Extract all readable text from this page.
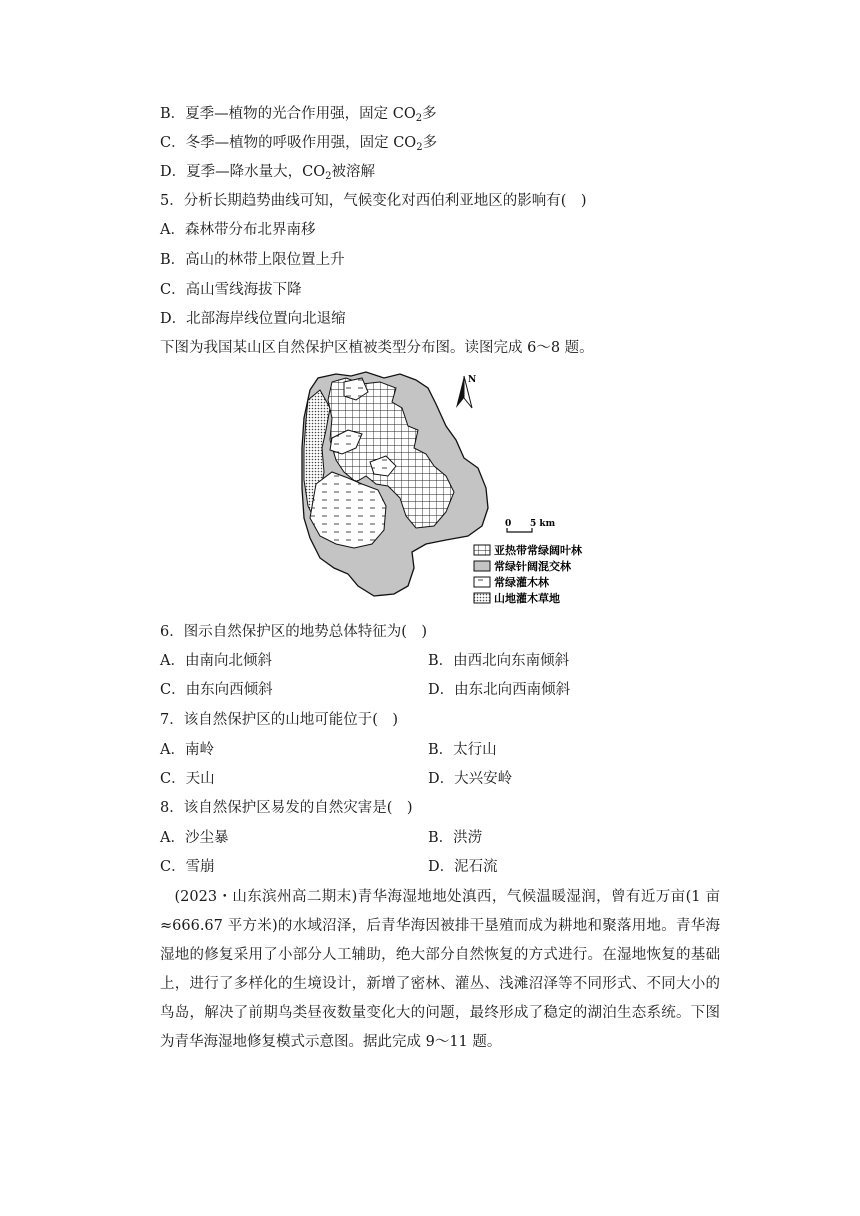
B．夏季—植物的光合作用强，固定 $CO_2$多
C．冬季—植物的呼吸作用强，固定 $CO_2$多
D．夏季—降水量大，$CO_2$被溶解
5．分析长期趋势曲线可知，气候变化对西伯利亚地区的影响有(　)
A．森林带分布北界南移
B．高山的林带上限位置上升
C．高山雪线海拔下降
D．北部海岸线位置向北退缩
下图为我国某山区自然保护区植被类型分布图。读图完成 6～8 题。
N
0 5 km
亚热带常绿阔叶林
常绿针阔混交林
常绿灌木林
山地灌木草地
6．图示自然保护区的地势总体特征为(　)
A．由南向北倾斜	B．由西北向东南倾斜
C．由东向西倾斜	D．由东北向西南倾斜
7．该自然保护区的山地可能位于(　)
A．南岭	B．太行山
C．天山	D．大兴安岭
8．该自然保护区易发的自然灾害是(　)
A．沙尘暴	B．洪涝
C．雪崩	D．泥石流
(2023・山东滨州高二期末)青华海湿地地处滇西，气候温暖湿润，曾有近万亩(1 亩≈666.67 平方米)的水域沼泽，后青华海因被排干垦殖而成为耕地和聚落用地。青华海湿地的修复采用了小部分人工辅助，绝大部分自然恢复的方式进行。在湿地恢复的基础上，进行了多样化的生境设计，新增了密林、灌丛、浅滩沼泽等不同形式、不同大小的鸟岛，解决了前期鸟类昼夜数量变化大的问题，最终形成了稳定的湖泊生态系统。下图为青华海湿地修复模式示意图。据此完成 9～11 题。
